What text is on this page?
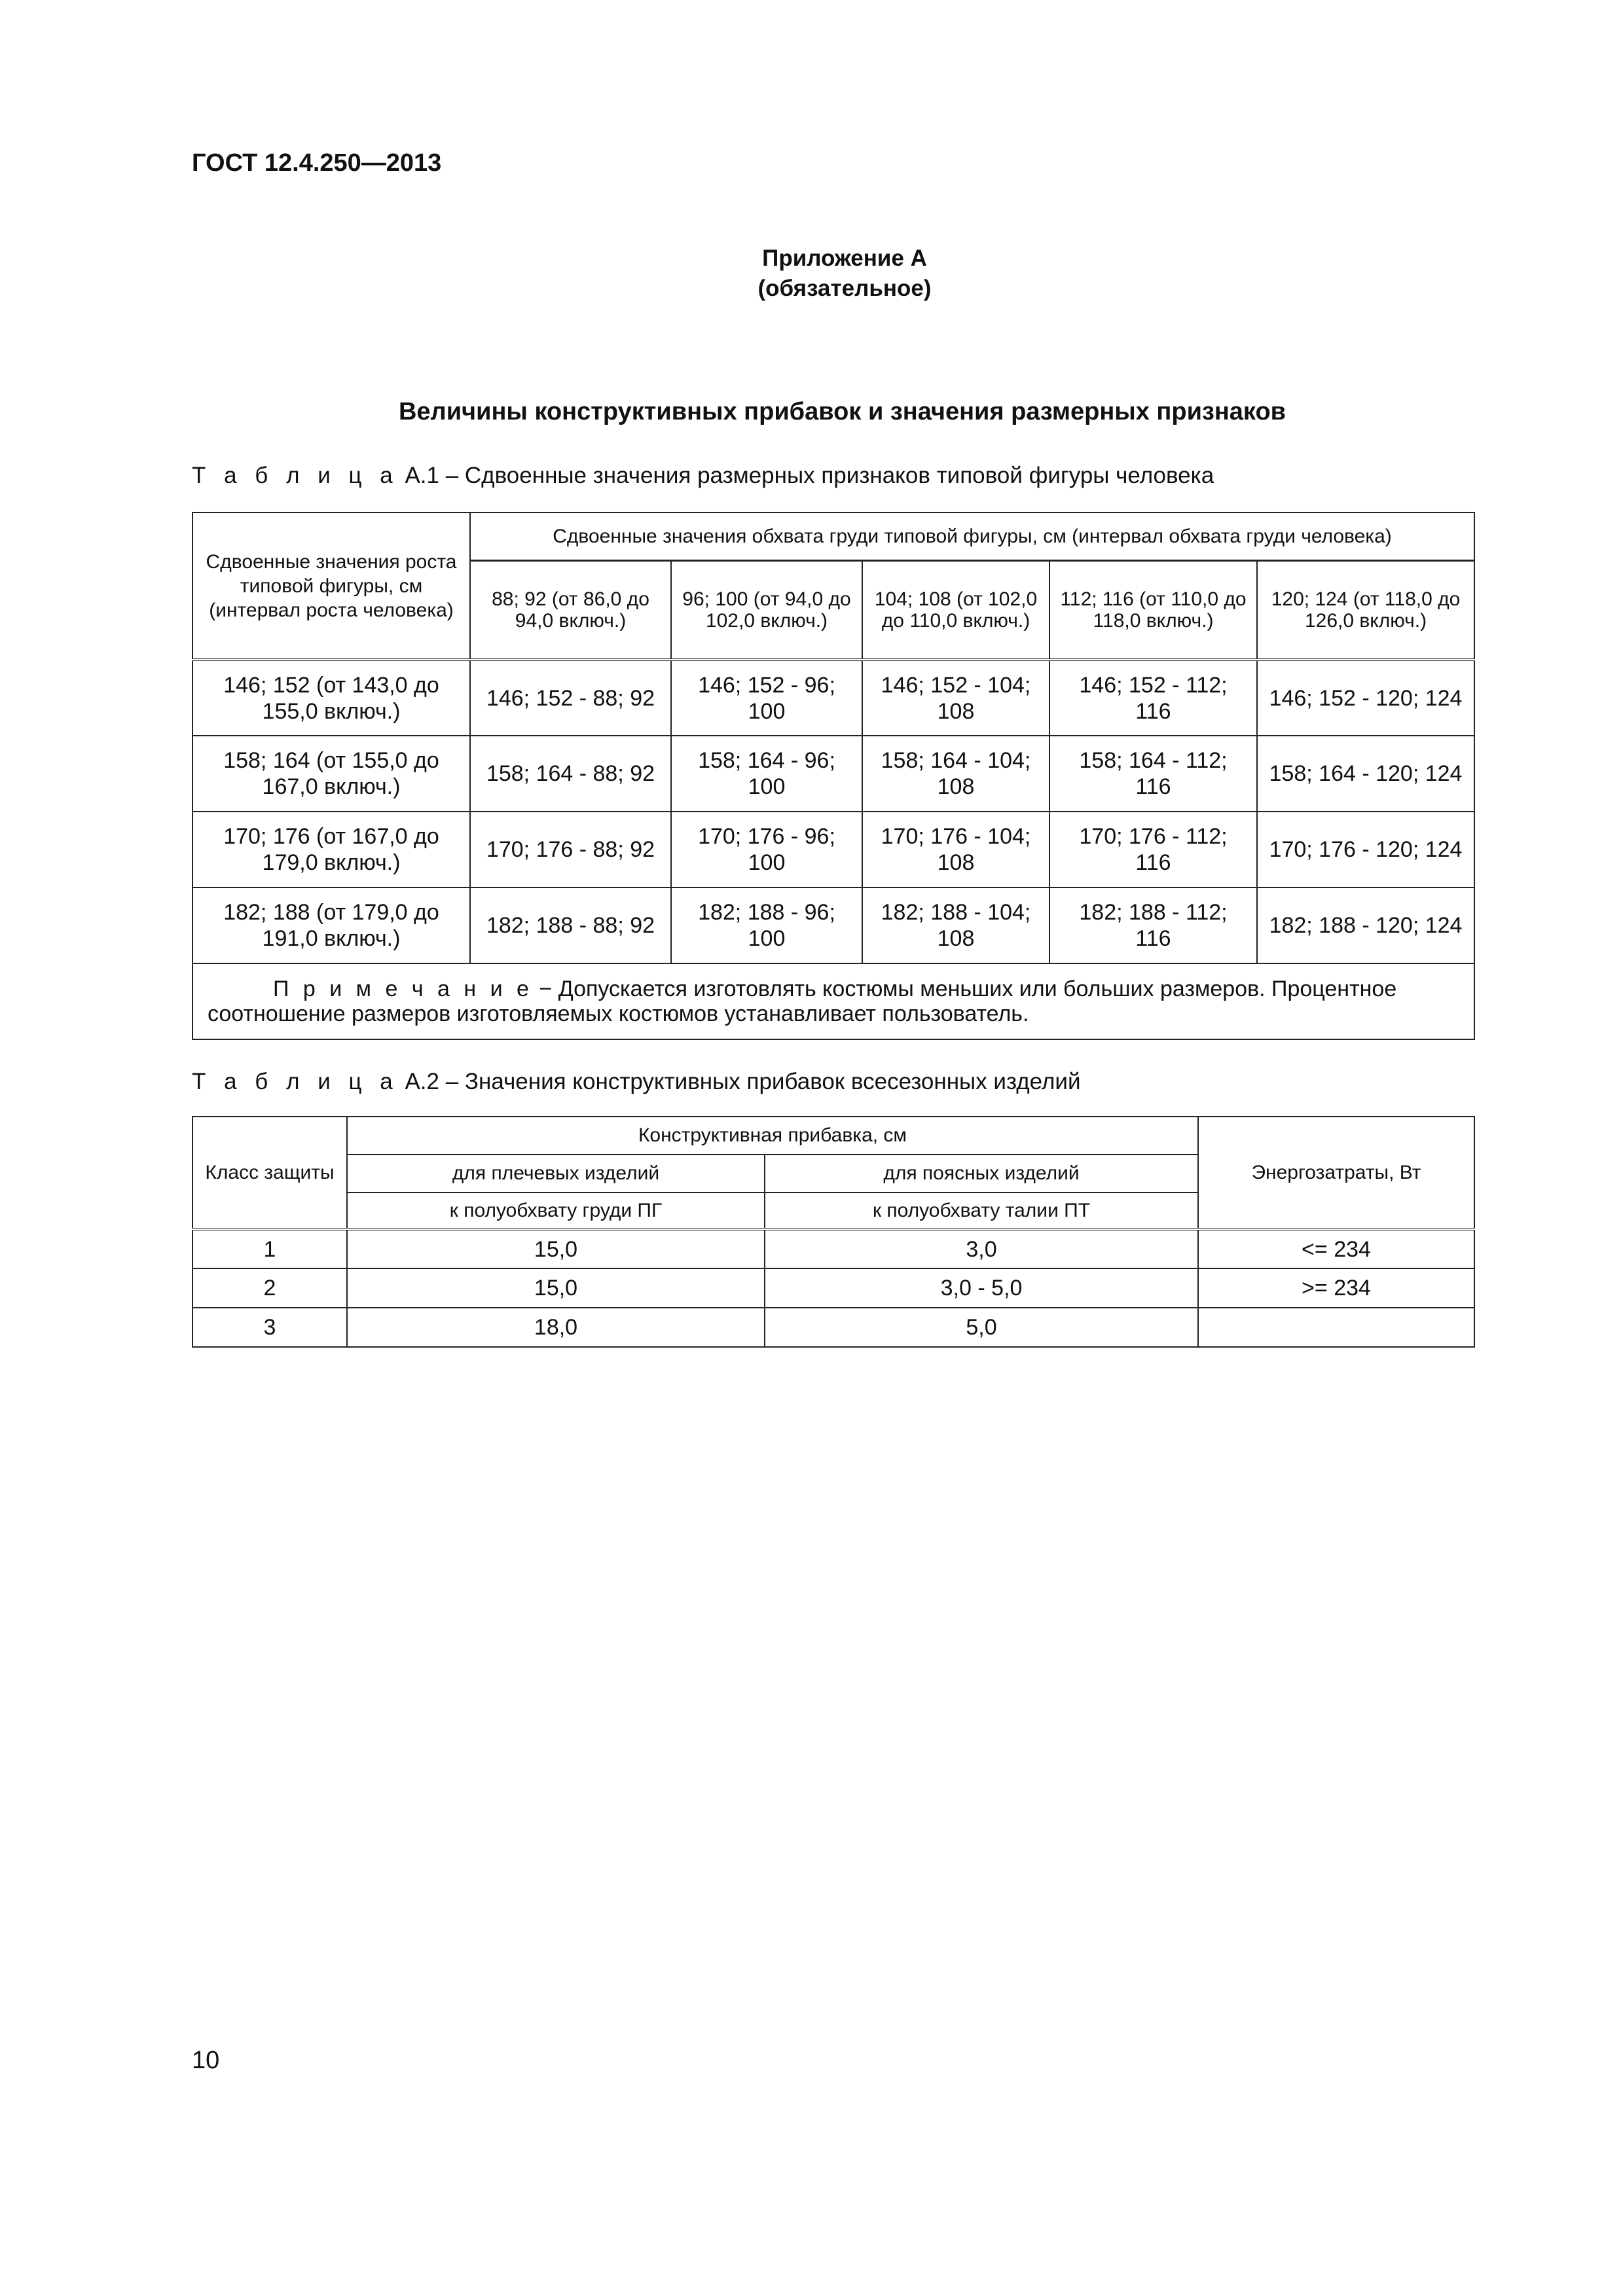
ГОСТ 12.4.250—2013
Приложение А
(обязательное)
Величины конструктивных прибавок и значения размерных признаков
Т а б л и ц а А.1 – Сдвоенные значения размерных признаков типовой фигуры человека
Сдвоенные значения роста типовой фигуры, см (интервал роста человека)	Сдвоенные значения обхвата груди типовой фигуры, см (интервал обхвата груди человека)				
	88; 92 (от 86,0 до 94,0 включ.)	96; 100 (от 94,0 до 102,0 включ.)	104; 108 (от 102,0 до 110,0 включ.)	112; 116 (от 110,0 до 118,0 включ.)	120; 124 (от 118,0 до 126,0 включ.)
146; 152 (от 143,0 до 155,0 включ.)	146; 152 - 88; 92	146; 152 - 96; 100	146; 152 - 104; 108	146; 152 - 112; 116	146; 152 - 120; 124
158; 164 (от 155,0 до 167,0 включ.)	158; 164 - 88; 92	158; 164 - 96; 100	158; 164 - 104; 108	158; 164 - 112; 116	158; 164 - 120; 124
170; 176 (от 167,0 до 179,0 включ.)	170; 176 - 88; 92	170; 176 - 96; 100	170; 176 - 104; 108	170; 176 - 112; 116	170; 176 - 120; 124
182; 188 (от 179,0 до 191,0 включ.)	182; 188 - 88; 92	182; 188 - 96; 100	182; 188 - 104; 108	182; 188 - 112; 116	182; 188 - 120; 124
П р и м е ч а н и е − Допускается изготовлять костюмы меньших или больших размеров. Процентное соотношение размеров изготовляемых костюмов устанавливает пользователь.					
Т а б л и ц а А.2 – Значения конструктивных прибавок всесезонных изделий
Класс защиты	Конструктивная прибавка, см		Энергозатраты, Вт
	для плечевых изделий	для поясных изделий	
	к полуобхвату груди ПГ	к полуобхвату талии ПТ	
1	15,0	3,0	<= 234
2	15,0	3,0 - 5,0	>= 234
3	18,0	5,0	
10
